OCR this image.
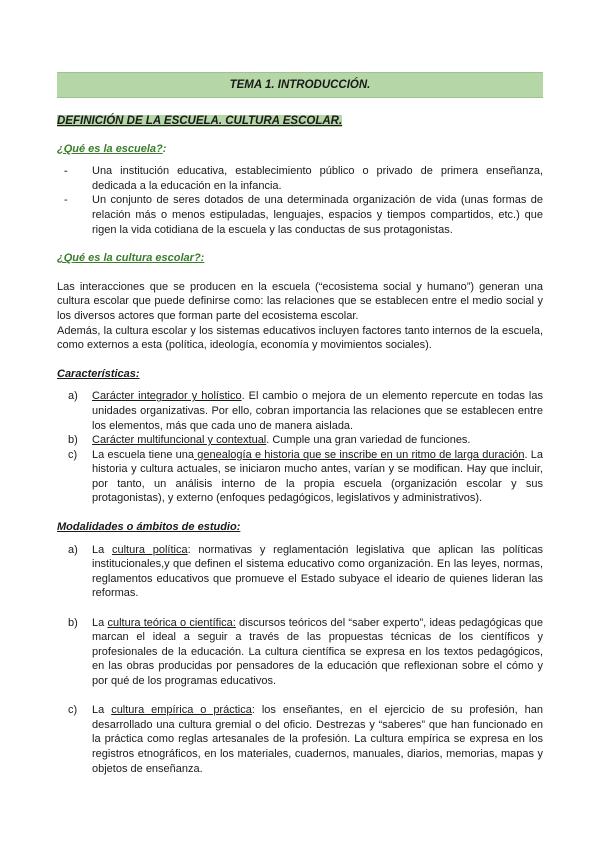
TEMA 1. INTRODUCCIÓN.
DEFINICIÓN DE LA ESCUELA. CULTURA ESCOLAR.
¿Qué es la escuela?:
- Una institución educativa, establecimiento público o privado de primera enseñanza, dedicada a la educación en la infancia.
- Un conjunto de seres dotados de una determinada organización de vida (unas formas de relación más o menos estipuladas, lenguajes, espacios y tiempos compartidos, etc.) que rigen la vida cotidiana de la escuela y las conductas de sus protagonistas.
¿Qué es la cultura escolar?:

Las interacciones que se producen en la escuela (“ecosistema social y humano”) generan una cultura escolar que puede definirse como: las relaciones que se establecen entre el medio social y los diversos actores que forman parte del ecosistema escolar.

Además, la cultura escolar y los sistemas educativos incluyen factores tanto internos de la escuela, como externos a esta (política, ideología, economía y movimientos sociales).

Características:
a) Carácter integrador y holístico. El cambio o mejora de un elemento repercute en todas las unidades organizativas. Por ello, cobran importancia las relaciones que se establecen entre los elementos, más que cada uno de manera aislada.
b) Carácter multifuncional y contextual. Cumple una gran variedad de funciones.
c) La escuela tiene una genealogía e historia que se inscribe en un ritmo de larga duración. La historia y cultura actuales, se iniciaron mucho antes, varían y se modifican. Hay que incluir, por tanto, un análisis interno de la propia escuela (organización escolar y sus protagonistas), y externo (enfoques pedagógicos, legislativos y administrativos).
Modalidades o ámbitos de estudio:
a) La cultura política: normativas y reglamentación legislativa que aplican las políticas institucionales,y que definen el sistema educativo como organización. En las leyes, normas, reglamentos educativos que promueve el Estado subyace el ideario de quienes lideran las reformas.
b) La cultura teórica o científica: discursos teóricos del “saber experto”, ideas pedagógicas que marcan el ideal a seguir a través de las propuestas técnicas de los científicos y profesionales de la educación. La cultura científica se expresa en los textos pedagógicos, en las obras producidas por pensadores de la educación que reflexionan sobre el cómo y por qué de los programas educativos.
c) La cultura empírica o práctica: los enseñantes, en el ejercicio de su profesión, han desarrollado una cultura gremial o del oficio. Destrezas y “saberes” que han funcionado en la práctica como reglas artesanales de la profesión. La cultura empírica se expresa en los registros etnográficos, en los materiales, cuadernos, manuales, diarios, memorias, mapas y objetos de enseñanza.
